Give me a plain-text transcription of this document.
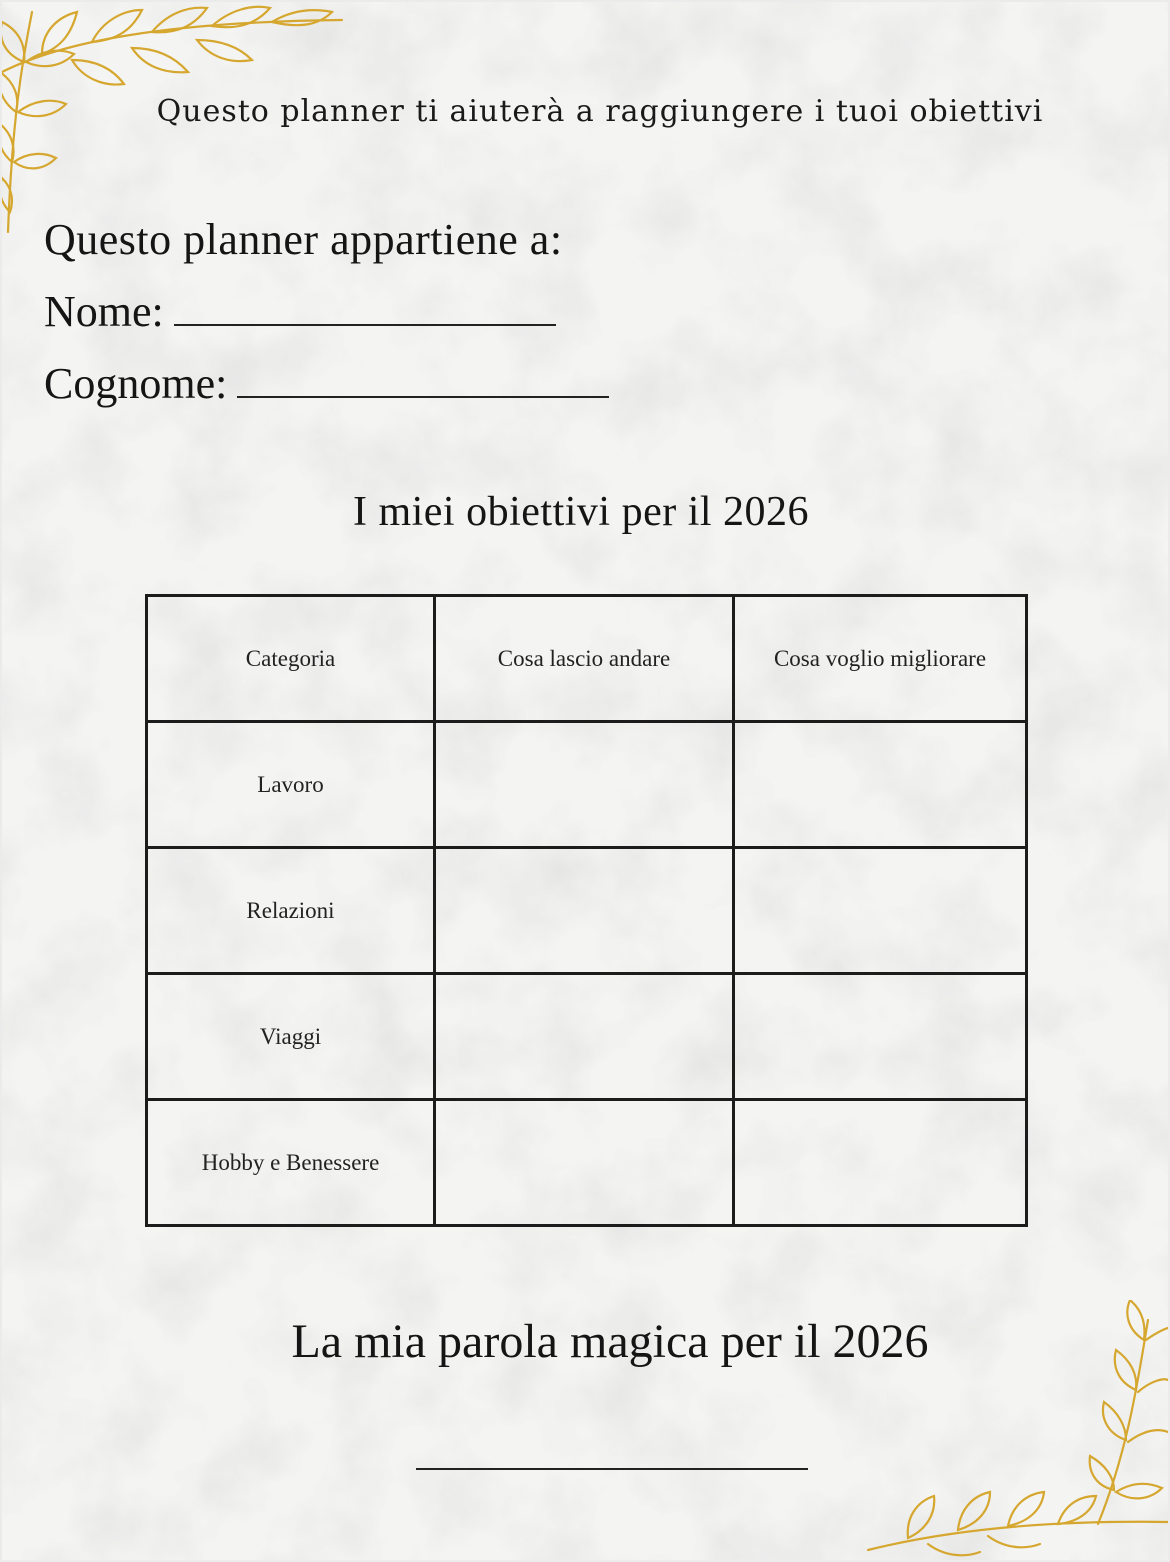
Questo planner ti aiuterà a raggiungere i tuoi obiettivi
Questo planner appartiene a:
Nome:
Cognome:
I miei obiettivi per il 2026
Categoria	Cosa lascio andare	Cosa voglio migliorare
Lavoro		
Relazioni		
Viaggi		
Hobby e Benessere		
La mia parola magica per il 2026
